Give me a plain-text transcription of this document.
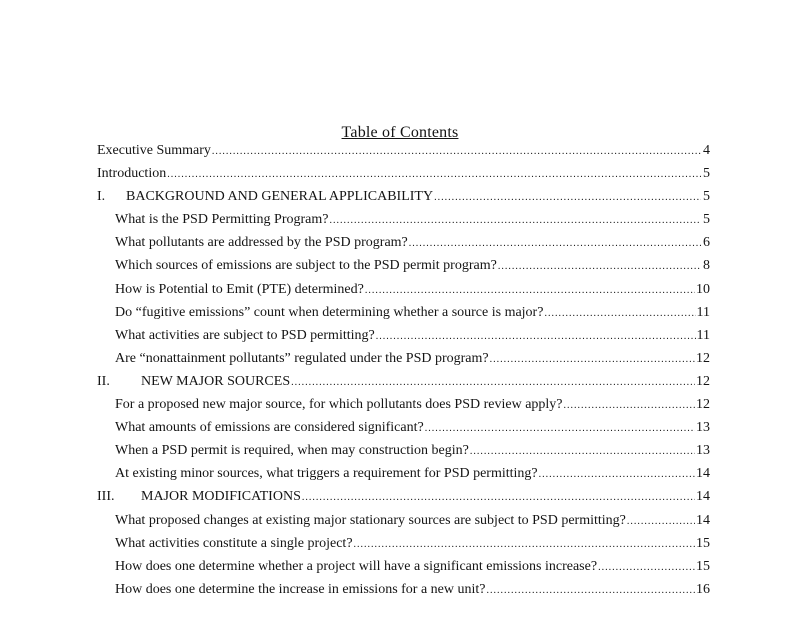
Table of Contents
Executive Summary .....	4
Introduction .....	5
I.	BACKGROUND AND GENERAL APPLICABILITY .....	5
What is the PSD Permitting Program? .....	5
What pollutants are addressed by the PSD program? .....	6
Which sources of emissions are subject to the PSD permit program? .....	8
How is Potential to Emit (PTE) determined? .....	10
Do “fugitive emissions” count when determining whether a source is major? .....	11
What activities are subject to PSD permitting? .....	11
Are “nonattainment pollutants” regulated under the PSD program? .....	12
II.	NEW MAJOR SOURCES .....	12
For a proposed new major source, for which pollutants does PSD review apply? .....	12
What amounts of emissions are considered significant? .....	13
When a PSD permit is required, when may construction begin? .....	13
At existing minor sources, what triggers a requirement for PSD permitting? .....	14
III.	MAJOR MODIFICATIONS .....	14
What proposed changes at existing major stationary sources are subject to PSD permitting? .....	14
What activities constitute a single project? .....	15
How does one determine whether a project will have a significant emissions increase? .....	15
How does one determine the increase in emissions for a new unit? .....	16
